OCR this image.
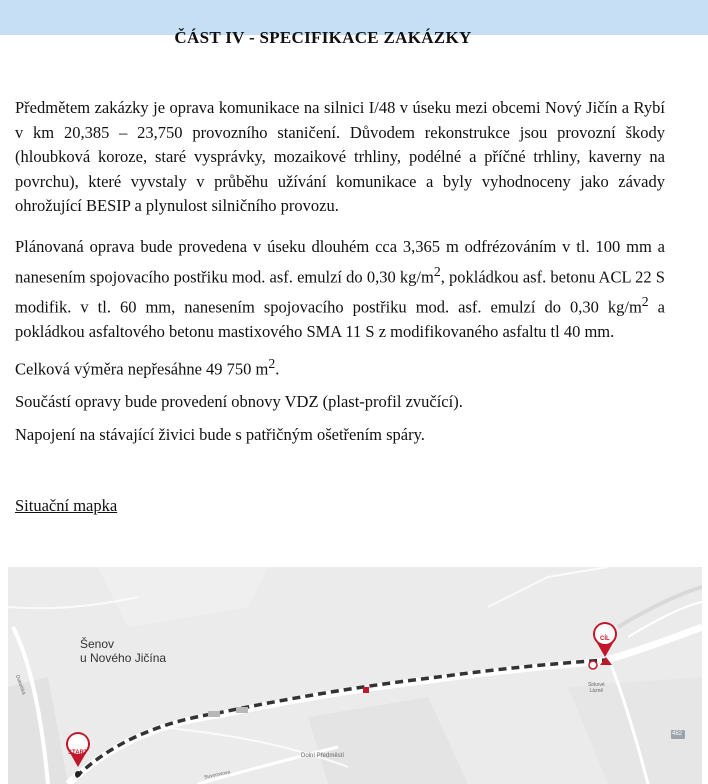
ČÁST IV - SPECIFIKACE ZAKÁZKY

Předmětem zakázky je oprava komunikace na silnici I/48 v úseku mezi obcemi Nový Jičín a Rybí v km 20,385 – 23,750 provozního staničení. Důvodem rekonstrukce jsou provozní škody (hloubková koroze, staré vysprávky, mozaikové trhliny, podélné a příčné trhliny, kaverny na povrchu), které vyvstaly v průběhu užívání komunikace a byly vyhodnoceny jako závady ohrožující BESIP a plynulost silničního provozu.

Plánovaná oprava bude provedena v úseku dlouhém cca 3,365 m odfrézováním v tl. 100 mm a nanesením spojovacího postřiku mod. asf. emulzí do 0,30 $kg/m^2$, pokládkou asf. betonu ACL 22 S modifik. v tl. 60 mm, nanesením spojovacího postřiku mod. asf. emulzí do 0,30 $kg/m^2$ a pokládkou asfaltového betonu mastixového SMA 11 S z modifikovaného asfaltu tl 40 mm.

Celková výměra nepřesáhne 49 750 $m^2$.

Součástí opravy bude provedení obnovy VDZ (plast-profil zvučící).

Napojení na stávající živici bude s patřičným ošetřením spáry.

Situační mapka
Šenov
u Nového Jičína
START
CÍL
482
Dolní Předměstí
Sirkové
Lázně
Dukelská
Suvorovova
